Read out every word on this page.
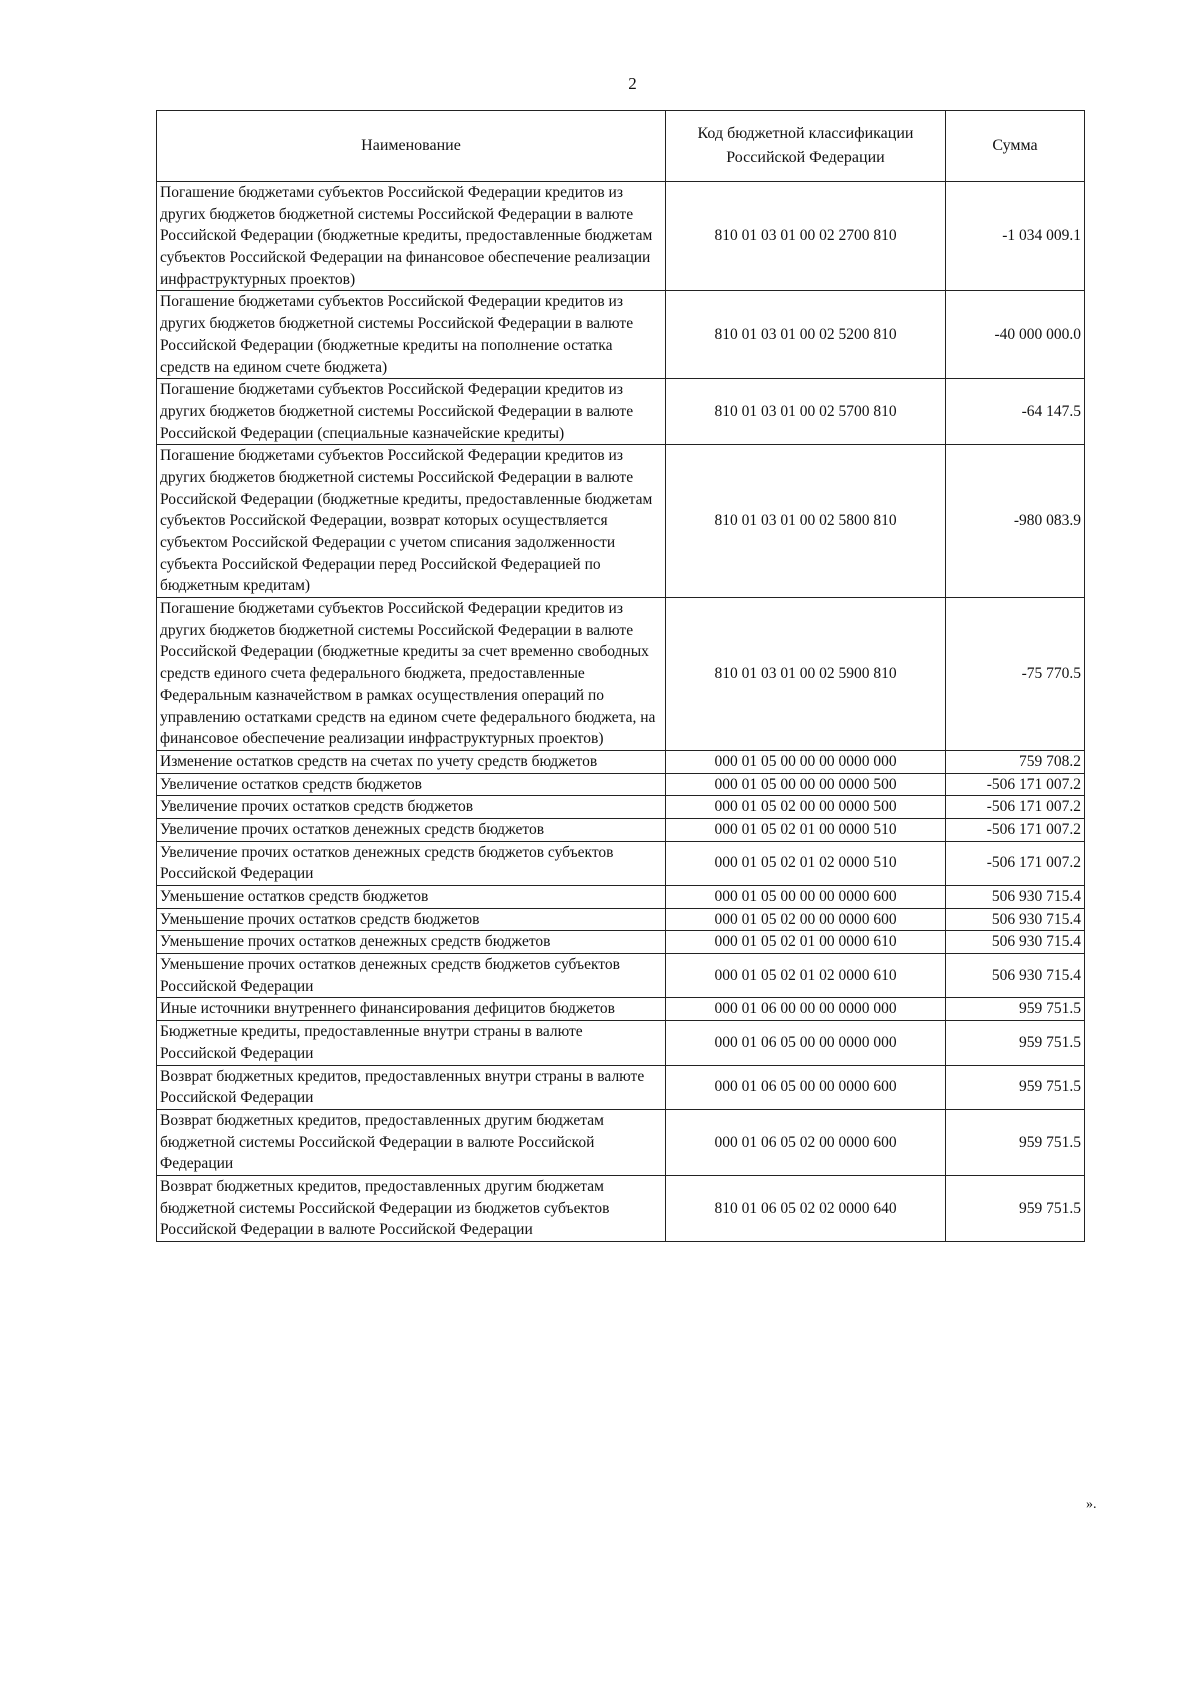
2
Наименование	Код бюджетной классификации Российской Федерации	Сумма
Погашение бюджетами субъектов Российской Федерации кредитов из других бюджетов бюджетной системы Российской Федерации в валюте Российской Федерации (бюджетные кредиты, предоставленные бюджетам субъектов Российской Федерации на финансовое обеспечение реализации инфраструктурных проектов)	810 01 03 01 00 02 2700 810	-1 034 009.1
Погашение бюджетами субъектов Российской Федерации кредитов из других бюджетов бюджетной системы Российской Федерации в валюте Российской Федерации (бюджетные кредиты на пополнение остатка средств на едином счете бюджета)	810 01 03 01 00 02 5200 810	-40 000 000.0
Погашение бюджетами субъектов Российской Федерации кредитов из других бюджетов бюджетной системы Российской Федерации в валюте Российской Федерации (специальные казначейские кредиты)	810 01 03 01 00 02 5700 810	-64 147.5
Погашение бюджетами субъектов Российской Федерации кредитов из других бюджетов бюджетной системы Российской Федерации в валюте Российской Федерации (бюджетные кредиты, предоставленные бюджетам субъектов Российской Федерации, возврат которых осуществляется субъектом Российской Федерации с учетом списания задолженности субъекта Российской Федерации перед Российской Федерацией по бюджетным кредитам)	810 01 03 01 00 02 5800 810	-980 083.9
Погашение бюджетами субъектов Российской Федерации кредитов из других бюджетов бюджетной системы Российской Федерации в валюте Российской Федерации (бюджетные кредиты за счет временно свободных средств единого счета федерального бюджета, предоставленные Федеральным казначейством в рамках осуществления операций по управлению остатками средств на едином счете федерального бюджета, на финансовое обеспечение реализации инфраструктурных проектов)	810 01 03 01 00 02 5900 810	-75 770.5
Изменение остатков средств на счетах по учету средств бюджетов	000 01 05 00 00 00 0000 000	759 708.2
Увеличение остатков средств бюджетов	000 01 05 00 00 00 0000 500	-506 171 007.2
Увеличение прочих остатков средств бюджетов	000 01 05 02 00 00 0000 500	-506 171 007.2
Увеличение прочих остатков денежных средств бюджетов	000 01 05 02 01 00 0000 510	-506 171 007.2
Увеличение прочих остатков денежных средств бюджетов субъектов Российской Федерации	000 01 05 02 01 02 0000 510	-506 171 007.2
Уменьшение остатков средств бюджетов	000 01 05 00 00 00 0000 600	506 930 715.4
Уменьшение прочих остатков средств бюджетов	000 01 05 02 00 00 0000 600	506 930 715.4
Уменьшение прочих остатков денежных средств бюджетов	000 01 05 02 01 00 0000 610	506 930 715.4
Уменьшение прочих остатков денежных средств бюджетов субъектов Российской Федерации	000 01 05 02 01 02 0000 610	506 930 715.4
Иные источники внутреннего финансирования дефицитов бюджетов	000 01 06 00 00 00 0000 000	959 751.5
Бюджетные кредиты, предоставленные внутри страны в валюте Российской Федерации	000 01 06 05 00 00 0000 000	959 751.5
Возврат бюджетных кредитов, предоставленных внутри страны в валюте Российской Федерации	000 01 06 05 00 00 0000 600	959 751.5
Возврат бюджетных кредитов, предоставленных другим бюджетам бюджетной системы Российской Федерации в валюте Российской Федерации	000 01 06 05 02 00 0000 600	959 751.5
Возврат бюджетных кредитов, предоставленных другим бюджетам бюджетной системы Российской Федерации из бюджетов субъектов Российской Федерации в валюте Российской Федерации	810 01 06 05 02 02 0000 640	959 751.5
».
